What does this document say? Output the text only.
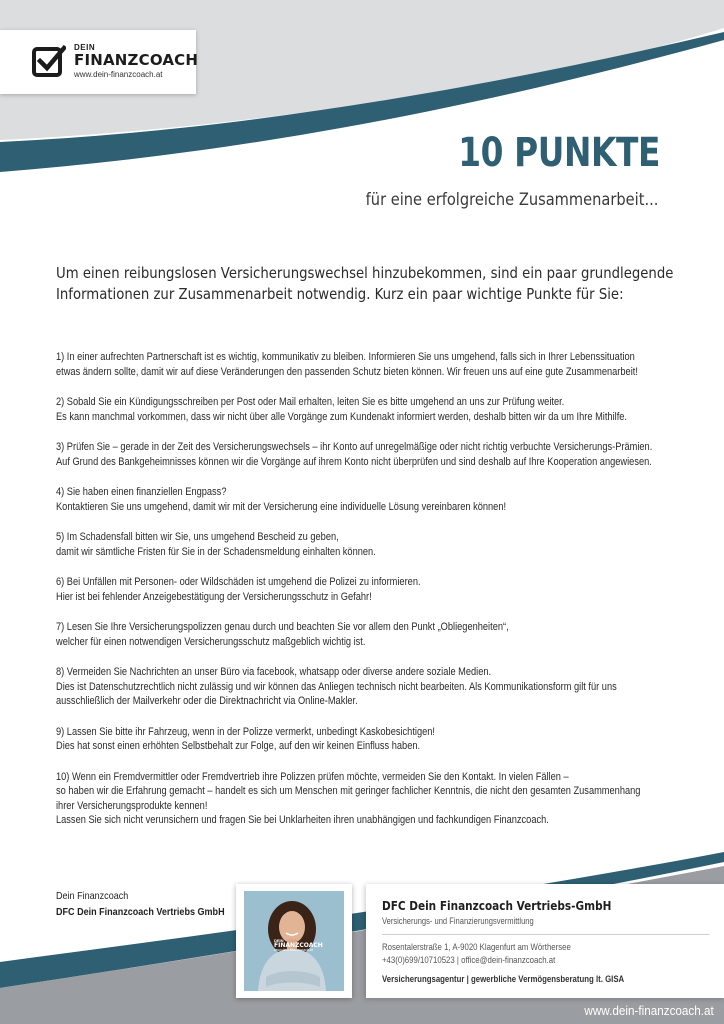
DEIN
FINANZCOACH
www.dein-finanzcoach.at
10 PUNKTE
für eine erfolgreiche Zusammenarbeit...
Um einen reibungslosen Versicherungswechsel hinzubekommen, sind ein paar grundlegende
Informationen zur Zusammenarbeit notwendig. Kurz ein paar wichtige Punkte für Sie:
1) In einer aufrechten Partnerschaft ist es wichtig, kommunikativ zu bleiben. Informieren Sie uns umgehend, falls sich in Ihrer Lebenssituation
etwas ändern sollte, damit wir auf diese Veränderungen den passenden Schutz bieten können. Wir freuen uns auf eine gute Zusammenarbeit!
2) Sobald Sie ein Kündigungsschreiben per Post oder Mail erhalten, leiten Sie es bitte umgehend an uns zur Prüfung weiter.
Es kann manchmal vorkommen, dass wir nicht über alle Vorgänge zum Kundenakt informiert werden, deshalb bitten wir da um Ihre Mithilfe.
3) Prüfen Sie – gerade in der Zeit des Versicherungswechsels – ihr Konto auf unregelmäßige oder nicht richtig verbuchte Versicherungs-Prämien.
Auf Grund des Bankgeheimnisses können wir die Vorgänge auf ihrem Konto nicht überprüfen und sind deshalb auf Ihre Kooperation angewiesen.
4) Sie haben einen finanziellen Engpass?
Kontaktieren Sie uns umgehend, damit wir mit der Versicherung eine individuelle Lösung vereinbaren können!
5) Im Schadensfall bitten wir Sie, uns umgehend Bescheid zu geben,
damit wir sämtliche Fristen für Sie in der Schadensmeldung einhalten können.
6) Bei Unfällen mit Personen- oder Wildschäden ist umgehend die Polizei zu informieren.
Hier ist bei fehlender Anzeigebestätigung der Versicherungsschutz in Gefahr!
7) Lesen Sie Ihre Versicherungspolizzen genau durch und beachten Sie vor allem den Punkt „Obliegenheiten“,
welcher für einen notwendigen Versicherungsschutz maßgeblich wichtig ist.
8) Vermeiden Sie Nachrichten an unser Büro via facebook, whatsapp oder diverse andere soziale Medien.
Dies ist Datenschutzrechtlich nicht zulässig und wir können das Anliegen technisch nicht bearbeiten. Als Kommunikationsform gilt für uns
ausschließlich der Mailverkehr oder die Direktnachricht via Online-Makler.
9) Lassen Sie bitte ihr Fahrzeug, wenn in der Polizze vermerkt, unbedingt Kaskobesichtigen!
Dies hat sonst einen erhöhten Selbstbehalt zur Folge, auf den wir keinen Einfluss haben.
10) Wenn ein Fremdvermittler oder Fremdvertrieb ihre Polizzen prüfen möchte, vermeiden Sie den Kontakt. In vielen Fällen –
so haben wir die Erfahrung gemacht – handelt es sich um Menschen mit geringer fachlicher Kenntnis, die nicht den gesamten Zusammenhang
ihrer Versicherungsprodukte kennen!
Lassen Sie sich nicht verunsichern und fragen Sie bei Unklarheiten ihren unabhängigen und fachkundigen Finanzcoach.
Dein Finanzcoach
DFC Dein Finanzcoach Vertriebs GmbH
DEIN
FINANZCOACH
www.dein-finanzcoach.at
DFC Dein Finanzcoach Vertriebs-GmbH
Versicherungs- und Finanzierungsvermittlung
Rosentalerstraße 1, A-9020 Klagenfurt am Wörthersee
+43(0)699/10710523 | office@dein-finanzcoach.at
Versicherungsagentur | gewerbliche Vermögensberatung lt. GISA
www.dein-finanzcoach.at
